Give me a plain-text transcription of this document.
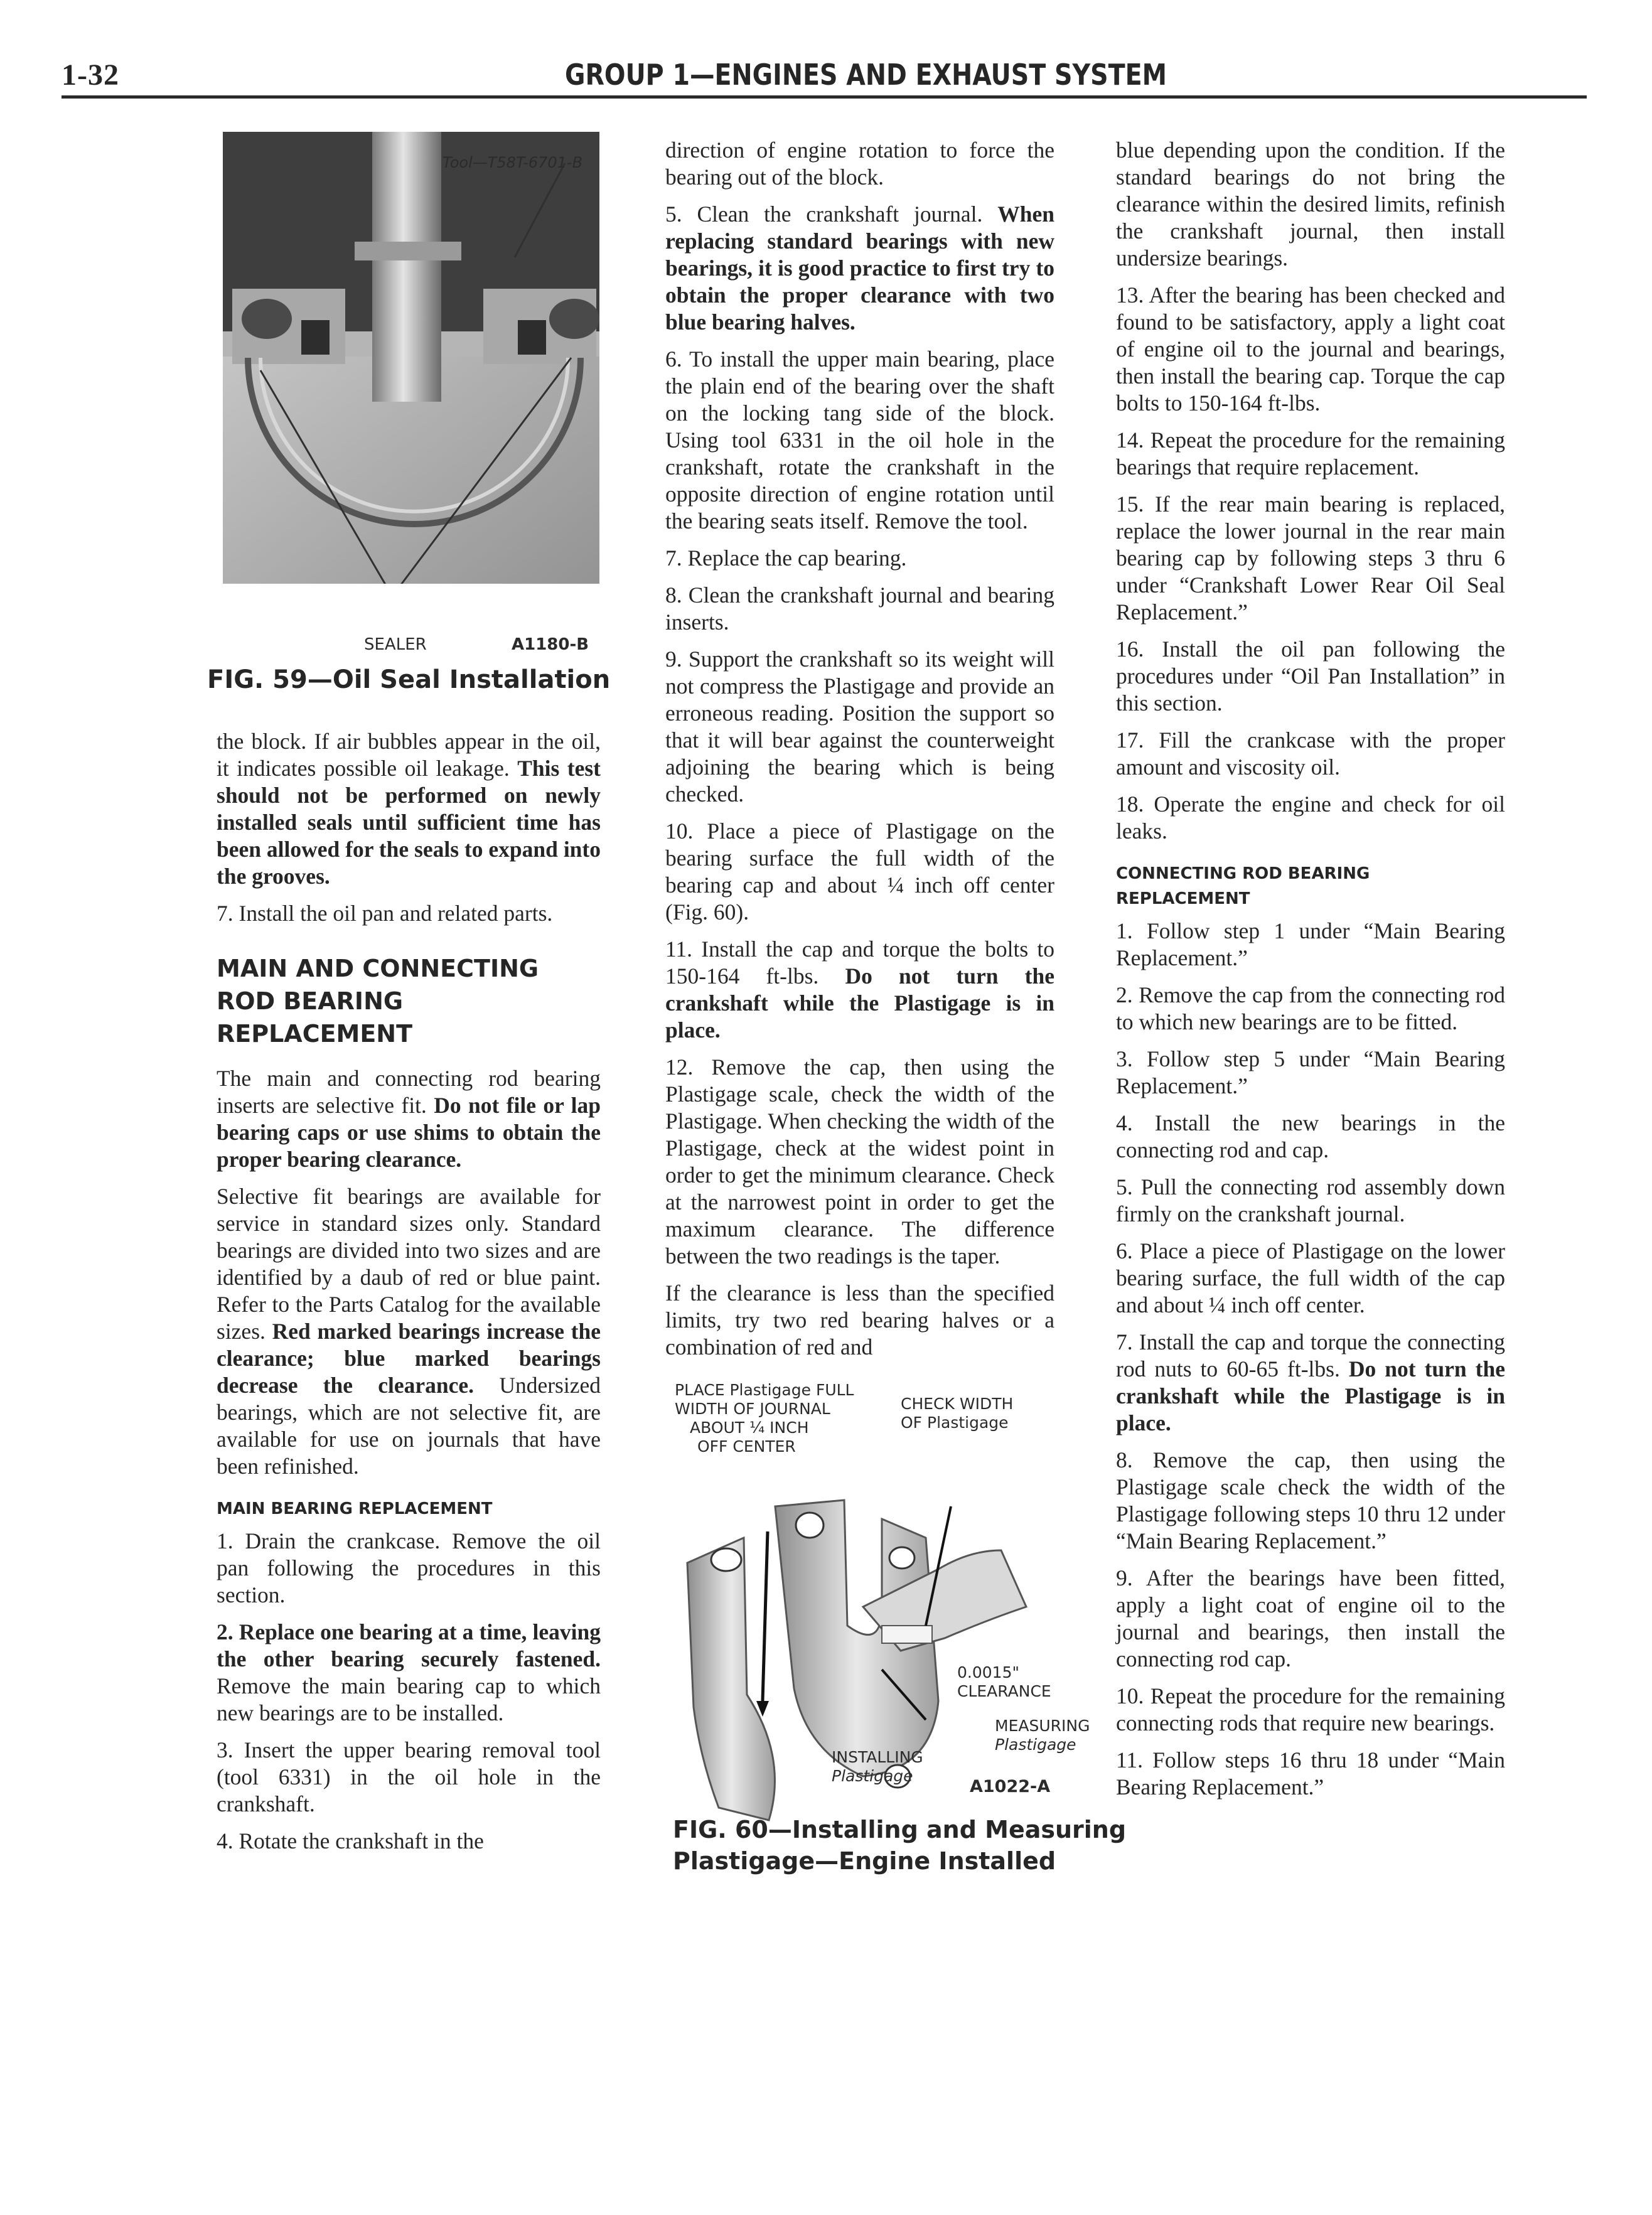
1-32	GROUP 1—ENGINES AND EXHAUST SYSTEM
Tool—T58T-6701-B
SEALER	A1180-B
FIG. 59—Oil Seal Installation

the block. If air bubbles appear in the oil, it indicates possible oil leakage. This test should not be performed on newly installed seals until sufficient time has been allowed for the seals to expand into the grooves.

7. Install the oil pan and related parts.

MAIN AND CONNECTING ROD BEARING REPLACEMENT

The main and connecting rod bearing inserts are selective fit. Do not file or lap bearing caps or use shims to obtain the proper bearing clearance.

Selective fit bearings are available for service in standard sizes only. Standard bearings are divided into two sizes and are identified by a daub of red or blue paint. Refer to the Parts Catalog for the available sizes. Red marked bearings increase the clearance; blue marked bearings decrease the clearance. Undersized bearings, which are not selective fit, are available for use on journals that have been refinished.

MAIN BEARING REPLACEMENT

1. Drain the crankcase. Remove the oil pan following the procedures in this section.

2. Replace one bearing at a time, leaving the other bearing securely fastened. Remove the main bearing cap to which new bearings are to be installed.

3. Insert the upper bearing removal tool (tool 6331) in the oil hole in the crankshaft.

4. Rotate the crankshaft in the

direction of engine rotation to force the bearing out of the block.

5. Clean the crankshaft journal. When replacing standard bearings with new bearings, it is good practice to first try to obtain the proper clearance with two blue bearing halves.

6. To install the upper main bearing, place the plain end of the bearing over the shaft on the locking tang side of the block. Using tool 6331 in the oil hole in the crankshaft, rotate the crankshaft in the opposite direction of engine rotation until the bearing seats itself. Remove the tool.

7. Replace the cap bearing.

8. Clean the crankshaft journal and bearing inserts.

9. Support the crankshaft so its weight will not compress the Plastigage and provide an erroneous reading. Position the support so that it will bear against the counterweight adjoining the bearing which is being checked.

10. Place a piece of Plastigage on the bearing surface the full width of the bearing cap and about ¼ inch off center (Fig. 60).

11. Install the cap and torque the bolts to 150-164 ft-lbs. Do not turn the crankshaft while the Plastigage is in place.

12. Remove the cap, then using the Plastigage scale, check the width of the Plastigage. When checking the width of the Plastigage, check at the widest point in order to get the minimum clearance. Check at the narrowest point in order to get the maximum clearance. The difference between the two readings is the taper.

If the clearance is less than the specified limits, try two red bearing halves or a combination of red and

PLACE Plastigage FULL
WIDTH OF JOURNAL
ABOUT ¼ INCH
OFF CENTER
CHECK WIDTH
OF Plastigage
0.0015"
CLEARANCE
MEASURING
Plastigage
INSTALLING
Plastigage
A1022-A
FIG. 60—Installing and Measuring
Plastigage—Engine Installed

blue depending upon the condition. If the standard bearings do not bring the clearance within the desired limits, refinish the crankshaft journal, then install undersize bearings.

13. After the bearing has been checked and found to be satisfactory, apply a light coat of engine oil to the journal and bearings, then install the bearing cap. Torque the cap bolts to 150-164 ft-lbs.

14. Repeat the procedure for the remaining bearings that require replacement.

15. If the rear main bearing is replaced, replace the lower journal in the rear main bearing cap by following steps 3 thru 6 under “Crankshaft Lower Rear Oil Seal Replacement.”

16. Install the oil pan following the procedures under “Oil Pan Installation” in this section.

17. Fill the crankcase with the proper amount and viscosity oil.

18. Operate the engine and check for oil leaks.

CONNECTING ROD BEARING REPLACEMENT

1. Follow step 1 under “Main Bearing Replacement.”

2. Remove the cap from the connecting rod to which new bearings are to be fitted.

3. Follow step 5 under “Main Bearing Replacement.”

4. Install the new bearings in the connecting rod and cap.

5. Pull the connecting rod assembly down firmly on the crankshaft journal.

6. Place a piece of Plastigage on the lower bearing surface, the full width of the cap and about ¼ inch off center.

7. Install the cap and torque the connecting rod nuts to 60-65 ft-lbs. Do not turn the crankshaft while the Plastigage is in place.

8. Remove the cap, then using the Plastigage scale check the width of the Plastigage following steps 10 thru 12 under “Main Bearing Replacement.”

9. After the bearings have been fitted, apply a light coat of engine oil to the journal and bearings, then install the connecting rod cap.

10. Repeat the procedure for the remaining connecting rods that require new bearings.

11. Follow steps 16 thru 18 under “Main Bearing Replacement.”
